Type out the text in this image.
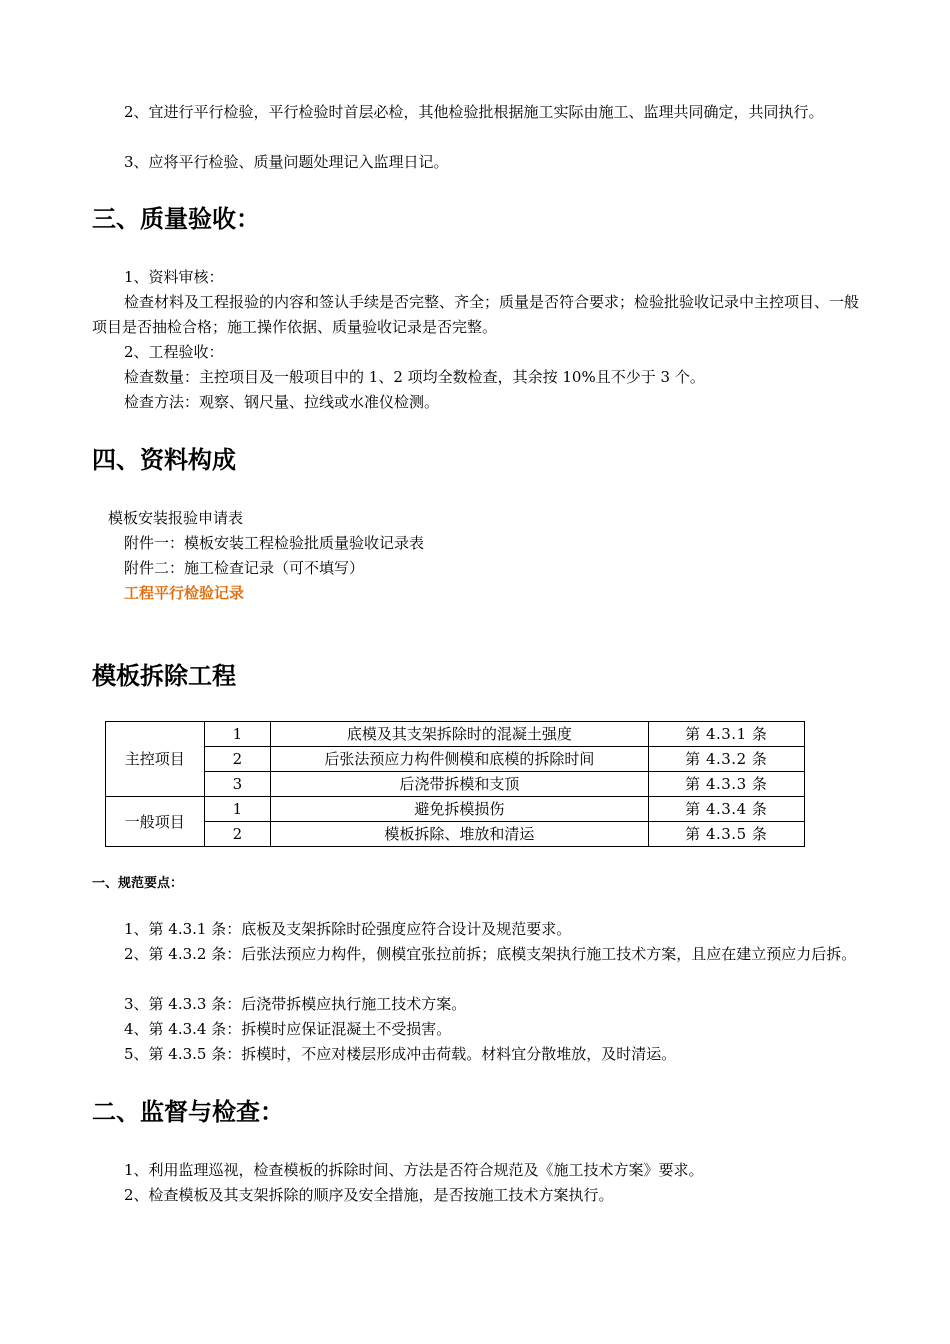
2、宜进行平行检验，平行检验时首层必检，其他检验批根据施工实际由施工、监理共同确定，共同执行。

3、应将平行检验、质量问题处理记入监理日记。

三、质量验收：

1、资料审核：

检查材料及工程报验的内容和签认手续是否完整、齐全；质量是否符合要求；检验批验收记录中主控项目、一般项目是否抽检合格；施工操作依据、质量验收记录是否完整。

2、工程验收：

检查数量：主控项目及一般项目中的 1、2 项均全数检查，其余按 10%且不少于 3 个。

检查方法：观察、钢尺量、拉线或水准仪检测。

四、资料构成

模板安装报验申请表

附件一：模板安装工程检验批质量验收记录表

附件二：施工检查记录（可不填写）

工程平行检验记录

模板拆除工程
主控项目	1	底模及其支架拆除时的混凝土强度	第 4.3.1 条
	2	后张法预应力构件侧模和底模的拆除时间	第 4.3.2 条
	3	后浇带拆模和支顶	第 4.3.3 条
一般项目	1	避免拆模损伤	第 4.3.4 条
	2	模板拆除、堆放和清运	第 4.3.5 条
一、规范要点：

1、第 4.3.1 条：底板及支架拆除时砼强度应符合设计及规范要求。

2、第 4.3.2 条：后张法预应力构件，侧模宜张拉前拆；底模支架执行施工技术方案，且应在建立预应力后拆。

3、第 4.3.3 条：后浇带拆模应执行施工技术方案。

4、第 4.3.4 条：拆模时应保证混凝土不受损害。

5、第 4.3.5 条：拆模时，不应对楼层形成冲击荷载。材料宜分散堆放，及时清运。

二、监督与检查：

1、利用监理巡视，检查模板的拆除时间、方法是否符合规范及《施工技术方案》要求。

2、检查模板及其支架拆除的顺序及安全措施，是否按施工技术方案执行。
